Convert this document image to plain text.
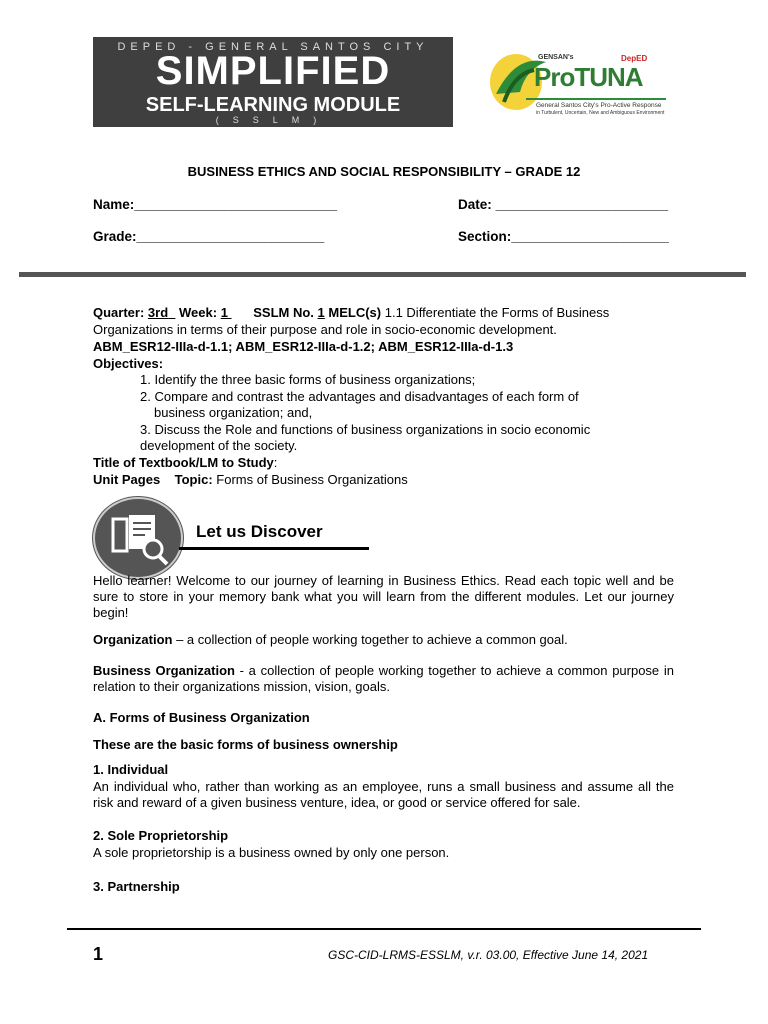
DEPED - GENERAL SANTOS CITY
SIMPLIFIED
SELF-LEARNING MODULE
(SSLM)
GENSAN's	DepED
ProTUNA
General Santos City's Pro-Active Response
in Turbulent, Uncertain, New and Ambiguous Environment
BUSINESS ETHICS AND SOCIAL RESPONSIBILITY – GRADE 12
Name:___________________________	Date: _______________________
Grade:_________________________	Section:_____________________
Quarter: 3rd Week: 1 SSLM No. 1 MELC(s) 1.1 Differentiate the Forms of Business
Organizations in terms of their purpose and role in socio-economic development.
ABM_ESR12-IIIa-d-1.1; ABM_ESR12-IIIa-d-1.2; ABM_ESR12-IIIa-d-1.3
Objectives:
1. Identify the three basic forms of business organizations;
2. Compare and contrast the advantages and disadvantages of each form of
business organization; and,
3. Discuss the Role and functions of business organizations in socio economic
development of the society.
Title of Textbook/LM to Study:
Unit Pages Topic: Forms of Business Organizations
Let us Discover
Hello learner! Welcome to our journey of learning in Business Ethics. Read each topic well and be sure to store in your memory bank what you will learn from the different modules. Let our journey begin!
Organization – a collection of people working together to achieve a common goal.
Business Organization - a collection of people working together to achieve a common purpose in relation to their organizations mission, vision, goals.
A. Forms of Business Organization
These are the basic forms of business ownership
1. Individual
An individual who, rather than working as an employee, runs a small business and assume all the risk and reward of a given business venture, idea, or good or service offered for sale.
2. Sole Proprietorship
A sole proprietorship is a business owned by only one person.
3. Partnership
1	GSC-CID-LRMS-ESSLM, v.r. 03.00, Effective June 14, 2021
